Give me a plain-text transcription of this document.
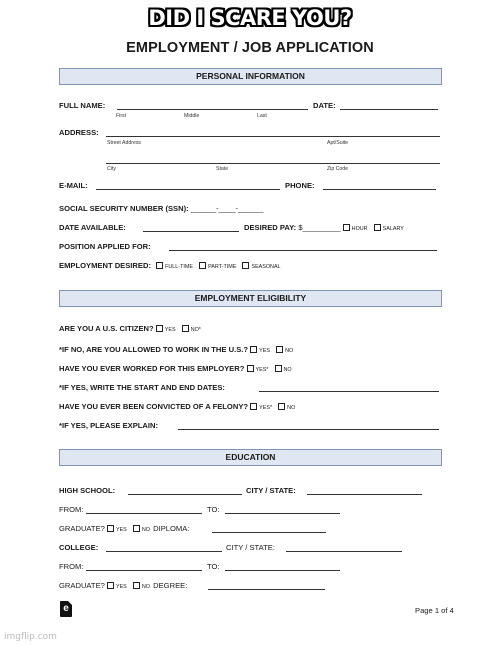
DID I SCARE YOU?
EMPLOYMENT / JOB APPLICATION
PERSONAL INFORMATION
FULL NAME:
First	Middle	Last
DATE:
ADDRESS:
Street Address	Apt/Suite
City	State	Zip Code
E-MAIL:	PHONE:
SOCIAL SECURITY NUMBER (SSN): ______-____-______
DATE AVAILABLE:	DESIRED PAY: $_________ HOUR	SALARY
POSITION APPLIED FOR:
EMPLOYMENT DESIRED:	FULL-TIME	PART-TIME	SEASONAL
EMPLOYMENT ELIGIBILITY
ARE YOU A U.S. CITIZEN? YES	NO*
*IF NO, ARE YOU ALLOWED TO WORK IN THE U.S.? YES	NO
HAVE YOU EVER WORKED FOR THIS EMPLOYER? YES*	NO
*IF YES, WRITE THE START AND END DATES:
HAVE YOU EVER BEEN CONVICTED OF A FELONY? YES*	NO
*IF YES, PLEASE EXPLAIN:
EDUCATION
HIGH SCHOOL:	CITY / STATE:
FROM:	TO:
GRADUATE? YES	NO DIPLOMA:
COLLEGE:	CITY / STATE:
FROM:	TO:
GRADUATE? YES	NO DEGREE:
e	Page 1 of 4
imgflip.com
